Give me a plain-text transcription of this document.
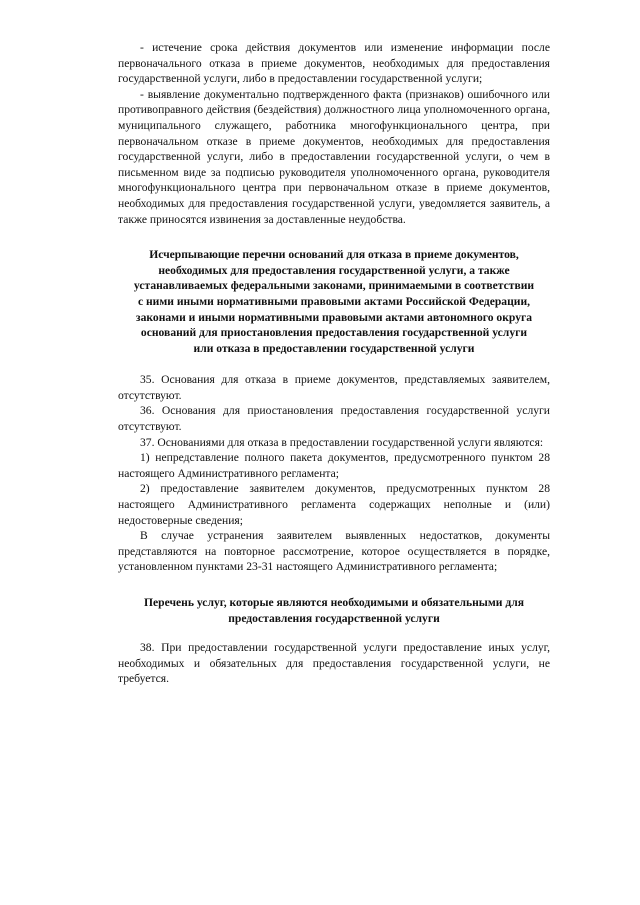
- истечение срока действия документов или изменение информации после первоначального отказа в приеме документов, необходимых для предоставления государственной услуги, либо в предоставлении государственной услуги;

- выявление документально подтвержденного факта (признаков) ошибочного или противоправного действия (бездействия) должностного лица уполномоченного органа, муниципального служащего, работника многофункционального центра, при первоначальном отказе в приеме документов, необходимых для предоставления государственной услуги, либо в предоставлении государственной услуги, о чем в письменном виде за подписью руководителя уполномоченного органа, руководителя многофункционального центра при первоначальном отказе в приеме документов, необходимых для предоставления государственной услуги, уведомляется заявитель, а также приносятся извинения за доставленные неудобства.

Исчерпывающие перечни оснований для отказа в приеме документов, необходимых для предоставления государственной услуги, а также устанавливаемых федеральными законами, принимаемыми в соответствии с ними иными нормативными правовыми актами Российской Федерации, законами и иными нормативными правовыми актами автономного округа оснований для приостановления предоставления государственной услуги или отказа в предоставлении государственной услуги

35. Основания для отказа в приеме документов, представляемых заявителем, отсутствуют.

36. Основания для приостановления предоставления государственной услуги отсутствуют.

37. Основаниями для отказа в предоставлении государственной услуги являются:

1) непредставление полного пакета документов, предусмотренного пунктом 28 настоящего Административного регламента;

2) предоставление заявителем документов, предусмотренных пунктом 28 настоящего Административного регламента содержащих неполные и (или) недостоверные сведения;

В случае устранения заявителем выявленных недостатков, документы представляются на повторное рассмотрение, которое осуществляется в порядке, установленном пунктами 23-31 настоящего Административного регламента;

Перечень услуг, которые являются необходимыми и обязательными для предоставления государственной услуги

38. При предоставлении государственной услуги предоставление иных услуг, необходимых и обязательных для предоставления государственной услуги, не требуется.
